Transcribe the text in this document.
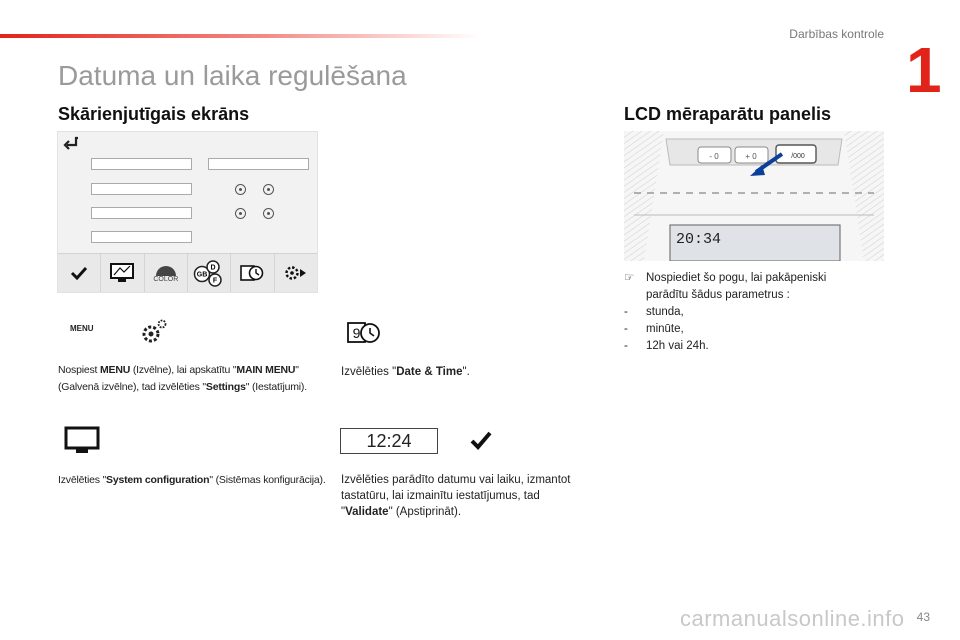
Darbības kontrole 1
Datuma un laika regulēšana
Skārienjutīgais ekrāns
COLOR
GB
D
F
MENU
Nospiest MENU (Izvēlne), lai apskatītu "MAIN MENU"
(Galvenā izvēlne), tad izvēlēties "Settings" (Iestatījumi).
9
Izvēlēties "Date & Time".
Izvēlēties "System configuration" (Sistēmas konfigurācija).
12:24
Izvēlēties parādīto datumu vai laiku, izmantot
tastatūru, lai izmainītu iestatījumus, tad
"Validate" (Apstiprināt).
LCD mēraparātu panelis
- 0	+ 0	/000
20:34
☞	Nospiediet šo pogu, lai pakāpeniski
parādītu šādus parametrus :
-	stunda,
-	minūte,
-	12h vai 24h.
carmanualsonline.info 43
